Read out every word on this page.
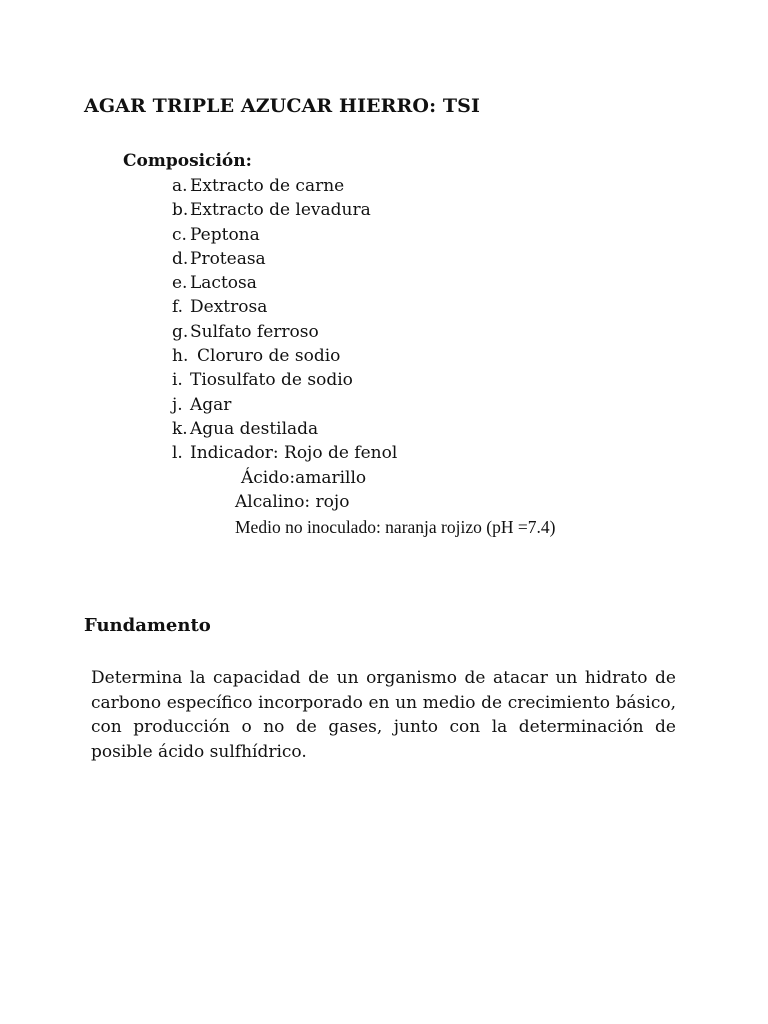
AGAR TRIPLE AZUCAR HIERRO: TSI
Composición:
a. Extracto de carne
b. Extracto de levadura
c. Peptona
d. Proteasa
e. Lactosa
f. Dextrosa
g. Sulfato ferroso
h. Cloruro de sodio
i. Tiosulfato de sodio
j. Agar
k. Agua destilada
l. Indicador: Rojo de fenol
Ácido:amarillo
Alcalino: rojo
Medio no inoculado: naranja rojizo (pH =7.4)
Fundamento

Determina la capacidad de un organismo de atacar un hidrato de carbono específico incorporado en un medio de crecimiento básico, con producción o no de gases, junto con la determinación de posible ácido sulfhídrico.
